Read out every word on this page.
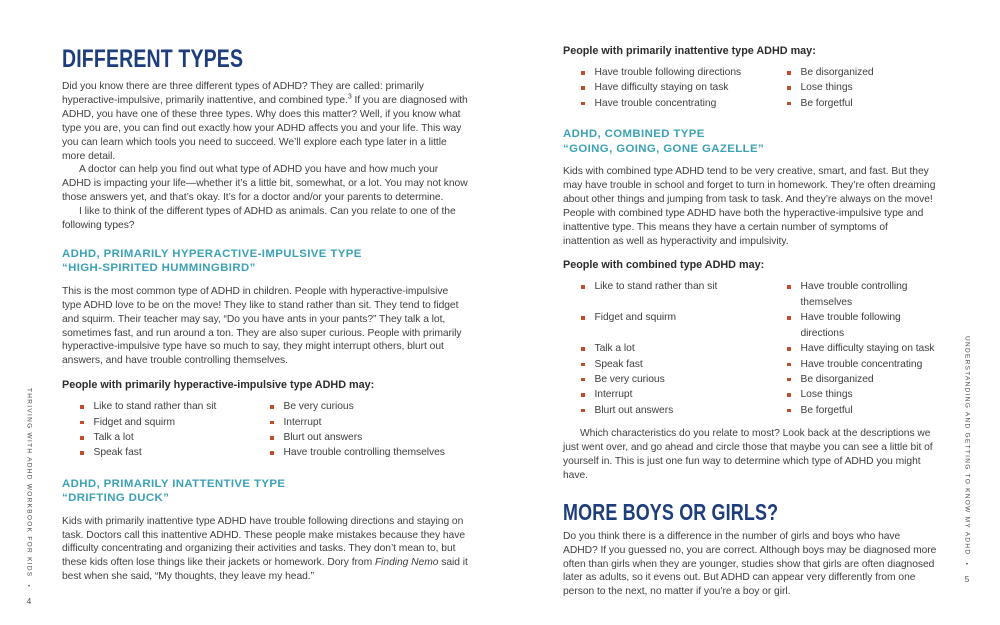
DIFFERENT TYPES

Did you know there are three different types of ADHD? They are called: primarily hyperactive-impulsive, primarily inattentive, and combined type.$^3$ If you are diagnosed with ADHD, you have one of these three types. Why does this matter? Well, if you know what type you are, you can find out exactly how your ADHD affects you and your life. This way you can learn which tools you need to succeed. We’ll explore each type later in a little more detail.

A doctor can help you find out what type of ADHD you have and how much your ADHD is impacting your life—whether it’s a little bit, somewhat, or a lot. You may not know those answers yet, and that’s okay. It’s for a doctor and/or your parents to determine.

I like to think of the different types of ADHD as animals. Can you relate to one of the following types?

ADHD, PRIMARILY HYPERACTIVE-IMPULSIVE TYPE
“HIGH-SPIRITED HUMMINGBIRD”

This is the most common type of ADHD in children. People with hyperactive-impulsive type ADHD love to be on the move! They like to stand rather than sit. They tend to fidget and squirm. Their teacher may say, “Do you have ants in your pants?” They talk a lot, sometimes fast, and run around a ton. They are also super curious. People with primarily hyperactive-impulsive type have so much to say, they might interrupt others, blurt out answers, and have trouble controlling themselves.

People with primarily hyperactive-impulsive type ADHD may:

Like to stand rather than sit
Fidget and squirm
Talk a lot
Speak fast
Be very curious
Interrupt
Blurt out answers
Have trouble controlling themselves
ADHD, PRIMARILY INATTENTIVE TYPE
“DRIFTING DUCK”

Kids with primarily inattentive type ADHD have trouble following directions and staying on task. Doctors call this inattentive ADHD. These people make mistakes because they have difficulty concentrating and organizing their activities and tasks. They don’t mean to, but these kids often lose things like their jackets or homework. Dory from Finding Nemo said it best when she said, “My thoughts, they leave my head.”

People with primarily inattentive type ADHD may:

Have trouble following directions
Have difficulty staying on task
Have trouble concentrating
Be disorganized
Lose things
Be forgetful
ADHD, COMBINED TYPE
“GOING, GOING, GONE GAZELLE”

Kids with combined type ADHD tend to be very creative, smart, and fast. But they may have trouble in school and forget to turn in homework. They’re often dreaming about other things and jumping from task to task. And they’re always on the move! People with combined type ADHD have both the hyperactive-impulsive type and inattentive type. This means they have a certain number of symptoms of inattention as well as hyperactivity and impulsivity.

People with combined type ADHD may:

Like to stand rather than sit
Fidget and squirm
Talk a lot
Speak fast
Be very curious
Interrupt
Blurt out answers
Have trouble controlling themselves
Have trouble following directions
Have difficulty staying on task
Have trouble concentrating
Be disorganized
Lose things
Be forgetful

Which characteristics do you relate to most? Look back at the descriptions we just went over, and go ahead and circle those that maybe you can see a little bit of yourself in. This is just one fun way to determine which type of ADHD you might have.

MORE BOYS OR GIRLS?

Do you think there is a difference in the number of girls and boys who have ADHD? If you guessed no, you are correct. Although boys may be diagnosed more often than girls when they are younger, studies show that girls are often diagnosed later as adults, so it evens out. But ADHD can appear very differently from one person to the next, no matter if you’re a boy or girl.

THRIVING WITH ADHD WORKBOOK FOR KIDS
•
4
UNDERSTANDING AND GETTING TO KNOW MY ADHD
•
5
